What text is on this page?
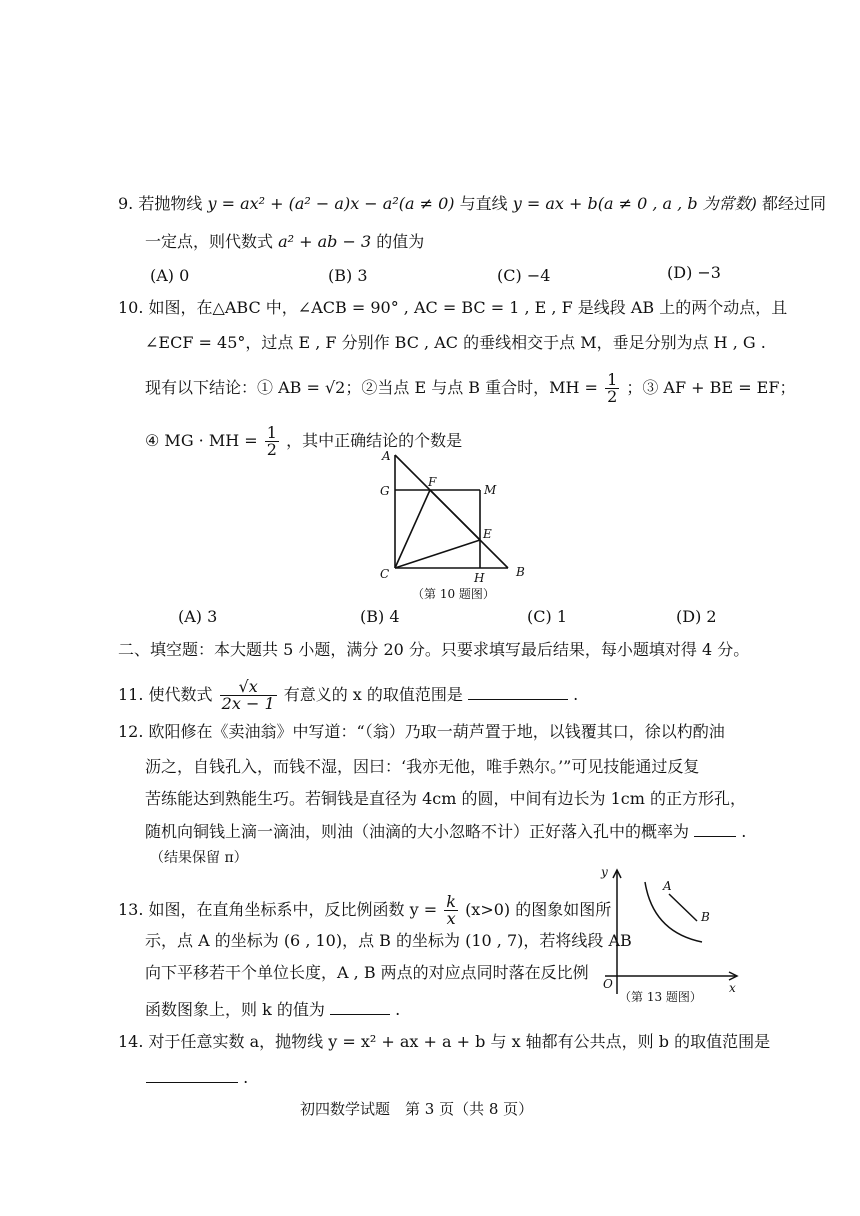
9. 若抛物线 y = ax² + (a² − a)x − a²(a ≠ 0) 与直线 y = ax + b(a ≠ 0 , a , b 为常数) 都经过同
一定点，则代数式 a² + ab − 3 的值为
(A) 0	(B) 3	(C) −4	(D) −3
10. 如图，在△ABC 中，∠ACB = 90° , AC = BC = 1 , E , F 是线段 AB 上的两个动点，且
∠ECF = 45°，过点 E , F 分别作 BC , AC 的垂线相交于点 M，垂足分别为点 H , G .
现有以下结论：① AB = √2；②当点 E 与点 B 重合时，MH = $\frac{1}{2}$ ；③ AF + BE = EF；
④ MG · MH = $\frac{1}{2}$ ，其中正确结论的个数是
A
G
F
M
E
C	H	B
（第 10 题图）
(A) 3	(B) 4	(C) 1	(D) 2
二、填空题：本大题共 5 小题，满分 20 分。只要求填写最后结果，每小题填对得 4 分。
11. 使代数式 $\frac{√x}{2x - 1}$ 有意义的 x 的取值范围是	.
12. 欧阳修在《卖油翁》中写道：“（翁）乃取一葫芦置于地，以钱覆其口，徐以杓酌油
沥之，自钱孔入，而钱不湿，因曰：‘我亦无他，唯手熟尔。’”可见技能通过反复
苦练能达到熟能生巧。若铜钱是直径为 4cm 的圆，中间有边长为 1cm 的正方形孔，
随机向铜钱上滴一滴油，则油（油滴的大小忽略不计）正好落入孔中的概率为	.
（结果保留 π）
13. 如图，在直角坐标系中，反比例函数 $y = \frac{k}{x} (x>0)$ 的图象如图所
示，点 A 的坐标为 (6 , 10)，点 B 的坐标为 (10 , 7)，若将线段 AB
向下平移若干个单位长度，A , B 两点的对应点同时落在反比例
函数图象上，则 k 的值为	.
y
x
O
A
B
（第 13 题图）
14. 对于任意实数 a，抛物线 y = x² + ax + a + b 与 x 轴都有公共点，则 b 的取值范围是
.
初四数学试题　第 3 页（共 8 页）
